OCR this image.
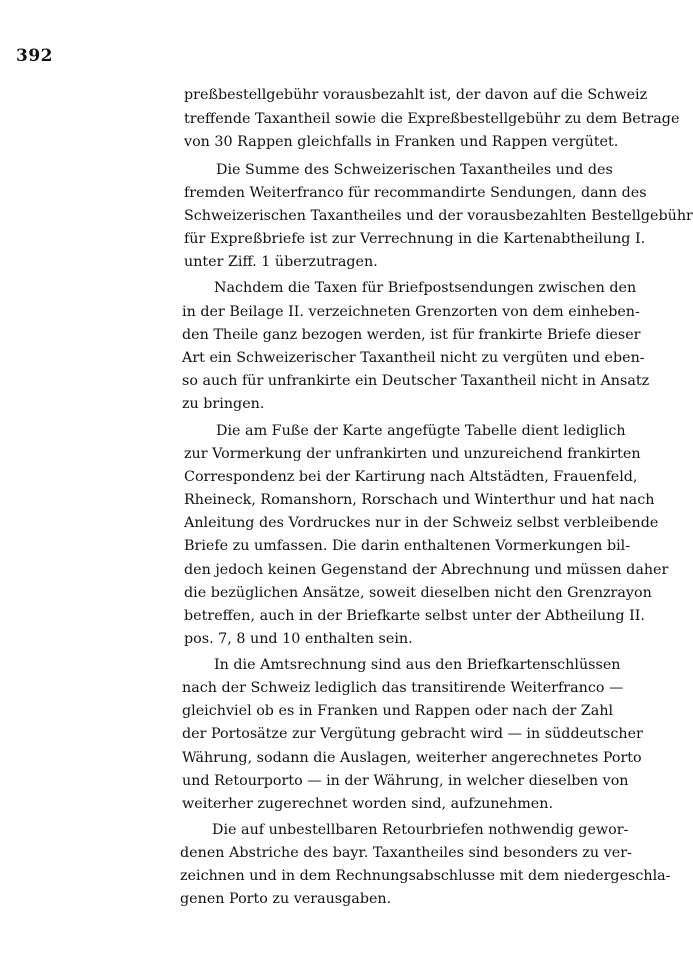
392
preßbestellgebühr vorausbezahlt ist, der davon auf die Schweiz
treffende Taxantheil sowie die Expreßbestellgebühr zu dem Betrage
von 30 Rappen gleichfalls in Franken und Rappen vergütet.
Die Summe des Schweizerischen Taxantheiles und des
fremden Weiterfranco für recommandirte Sendungen, dann des
Schweizerischen Taxantheiles und der vorausbezahlten Bestellgebühr
für Expreßbriefe ist zur Verrechnung in die Kartenabtheilung I.
unter Ziff. 1 überzutragen.
Nachdem die Taxen für Briefpostsendungen zwischen den
in der Beilage II. verzeichneten Grenzorten von dem einheben-
den Theile ganz bezogen werden, ist für frankirte Briefe dieser
Art ein Schweizerischer Taxantheil nicht zu vergüten und eben-
so auch für unfrankirte ein Deutscher Taxantheil nicht in Ansatz
zu bringen.
Die am Fuße der Karte angefügte Tabelle dient lediglich
zur Vormerkung der unfrankirten und unzureichend frankirten
Correspondenz bei der Kartirung nach Altstädten, Frauenfeld,
Rheineck, Romanshorn, Rorschach und Winterthur und hat nach
Anleitung des Vordruckes nur in der Schweiz selbst verbleibende
Briefe zu umfassen. Die darin enthaltenen Vormerkungen bil-
den jedoch keinen Gegenstand der Abrechnung und müssen daher
die bezüglichen Ansätze, soweit dieselben nicht den Grenzrayon
betreffen, auch in der Briefkarte selbst unter der Abtheilung II.
pos. 7, 8 und 10 enthalten sein.
In die Amtsrechnung sind aus den Briefkartenschlüssen
nach der Schweiz lediglich das transitirende Weiterfranco —
gleichviel ob es in Franken und Rappen oder nach der Zahl
der Portosätze zur Vergütung gebracht wird — in süddeutscher
Währung, sodann die Auslagen, weiterher angerechnetes Porto
und Retourporto — in der Währung, in welcher dieselben von
weiterher zugerechnet worden sind, aufzunehmen.
Die auf unbestellbaren Retourbriefen nothwendig gewor-
denen Abstriche des bayr. Taxantheiles sind besonders zu ver-
zeichnen und in dem Rechnungsabschlusse mit dem niedergeschla-
genen Porto zu verausgaben.
